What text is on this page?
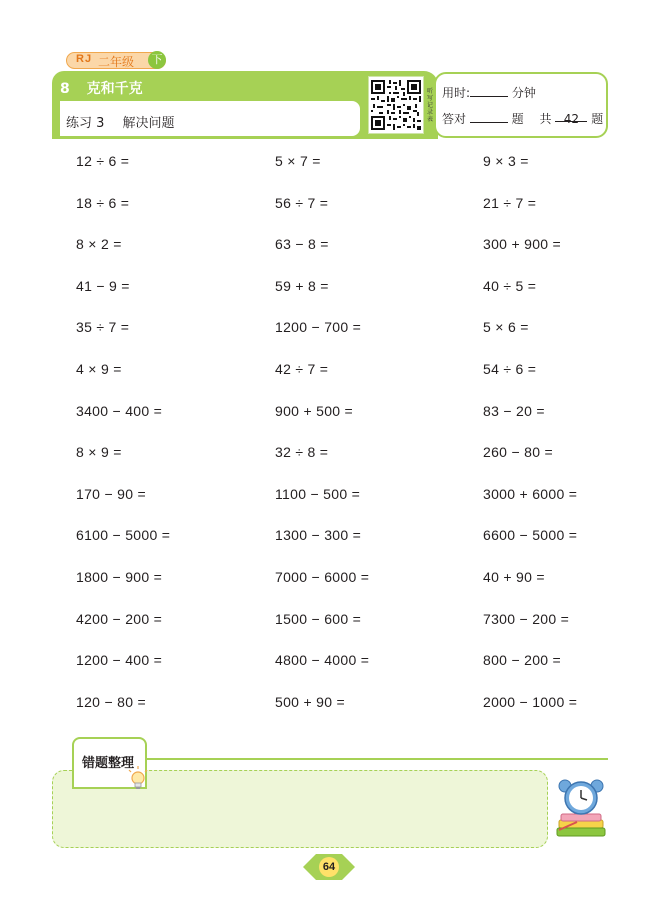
RJ 二年级	下
8 克和千克
练习 3 解决问题
听写记录表
用时:	分钟
答对	题 共 42 题
12 ÷ 6 =	5 × 7 =	9 × 3 =
18 ÷ 6 =	56 ÷ 7 =	21 ÷ 7 =
8 × 2 =	63 − 8 =	300 + 900 =
41 − 9 =	59 + 8 =	40 ÷ 5 =
35 ÷ 7 =	1200 − 700 =	5 × 6 =
4 × 9 =	42 ÷ 7 =	54 ÷ 6 =
3400 − 400 =	900 + 500 =	83 − 20 =
8 × 9 =	32 ÷ 8 =	260 − 80 =
170 − 90 =	1100 − 500 =	3000 + 6000 =
6100 − 5000 =	1300 − 300 =	6600 − 5000 =
1800 − 900 =	7000 − 6000 =	40 + 90 =
4200 − 200 =	1500 − 600 =	7300 − 200 =
1200 − 400 =	4800 − 4000 =	800 − 200 =
120 − 80 =	500 + 90 =	2000 − 1000 =
错题整理
64
